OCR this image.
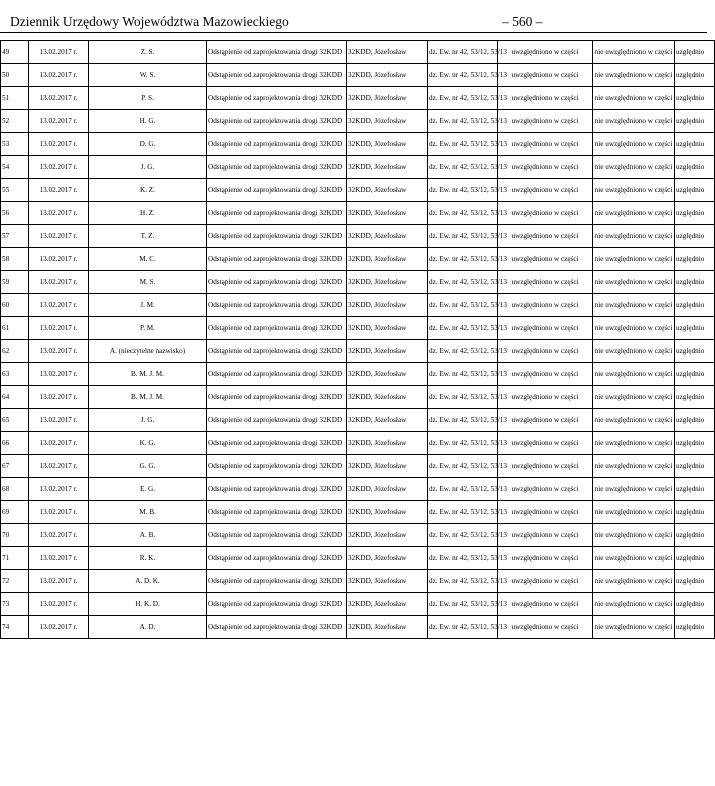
Dziennik Urzędowy Województwa Mazowieckiego	– 560 –
49	13.02.2017 r.	Z. S.	Odstąpienie od zaprojektowania drogi 32KDD	32KDD, Józefosław	dz. Ew. nr 42, 53/12, 53/13	uwzględniono w części	nie uwzględniono w części	uzględnio
50	13.02.2017 r.	W. S.	Odstąpienie od zaprojektowania drogi 32KDD	32KDD, Józefosław	dz. Ew. nr 42, 53/12, 53/13	uwzględniono w części	nie uwzględniono w części	uzględnio
51	13.02.2017 r.	P. S.	Odstąpienie od zaprojektowania drogi 32KDD	32KDD, Józefosław	dz. Ew. nr 42, 53/12, 53/13	uwzględniono w części	nie uwzględniono w części	uzględnio
52	13.02.2017 r.	H. G.	Odstąpienie od zaprojektowania drogi 32KDD	32KDD, Józefosław	dz. Ew. nr 42, 53/12, 53/13	uwzględniono w części	nie uwzględniono w części	uzględnio
53	13.02.2017 r.	D. G.	Odstąpienie od zaprojektowania drogi 32KDD	32KDD, Józefosław	dz. Ew. nr 42, 53/12, 53/13	uwzględniono w części	nie uwzględniono w części	uzględnio
54	13.02.2017 r.	J. G.	Odstąpienie od zaprojektowania drogi 32KDD	32KDD, Józefosław	dz. Ew. nr 42, 53/12, 53/13	uwzględniono w części	nie uwzględniono w części	uzględnio
55	13.02.2017 r.	K. Z.	Odstąpienie od zaprojektowania drogi 32KDD	32KDD, Józefosław	dz. Ew. nr 42, 53/12, 53/13	uwzględniono w części	nie uwzględniono w części	uzględnio
56	13.02.2017 r.	H. Z.	Odstąpienie od zaprojektowania drogi 32KDD	32KDD, Józefosław	dz. Ew. nr 42, 53/12, 53/13	uwzględniono w części	nie uwzględniono w części	uzględnio
57	13.02.2017 r.	T. Z.	Odstąpienie od zaprojektowania drogi 32KDD	32KDD, Józefosław	dz. Ew. nr 42, 53/12, 53/13	uwzględniono w części	nie uwzględniono w części	uzględnio
58	13.02.2017 r.	M. C.	Odstąpienie od zaprojektowania drogi 32KDD	32KDD, Józefosław	dz. Ew. nr 42, 53/12, 53/13	uwzględniono w części	nie uwzględniono w części	uzględnio
59	13.02.2017 r.	M. S.	Odstąpienie od zaprojektowania drogi 32KDD	32KDD, Józefosław	dz. Ew. nr 42, 53/12, 53/13	uwzględniono w części	nie uwzględniono w części	uzględnio
60	13.02.2017 r.	J. M.	Odstąpienie od zaprojektowania drogi 32KDD	32KDD, Józefosław	dz. Ew. nr 42, 53/12, 53/13	uwzględniono w części	nie uwzględniono w części	uzględnio
61	13.02.2017 r.	P. M.	Odstąpienie od zaprojektowania drogi 32KDD	32KDD, Józefosław	dz. Ew. nr 42, 53/12, 53/13	uwzględniono w części	nie uwzględniono w części	uzględnio
62	13.02.2017 r.	A. (nieczytelne nazwisko)	Odstąpienie od zaprojektowania drogi 32KDD	32KDD, Józefosław	dz. Ew. nr 42, 53/12, 53/13	uwzględniono w części	nie uwzględniono w części	uzględnio
63	13.02.2017 r.	B. M. J. M.	Odstąpienie od zaprojektowania drogi 32KDD	32KDD, Józefosław	dz. Ew. nr 42, 53/12, 53/13	uwzględniono w części	nie uwzględniono w części	uzględnio
64	13.02.2017 r.	B. M. J. M.	Odstąpienie od zaprojektowania drogi 32KDD	32KDD, Józefosław	dz. Ew. nr 42, 53/12, 53/13	uwzględniono w części	nie uwzględniono w części	uzględnio
65	13.02.2017 r.	J. G.	Odstąpienie od zaprojektowania drogi 32KDD	32KDD, Józefosław	dz. Ew. nr 42, 53/12, 53/13	uwzględniono w części	nie uwzględniono w części	uzględnio
66	13.02.2017 r.	K. G.	Odstąpienie od zaprojektowania drogi 32KDD	32KDD, Józefosław	dz. Ew. nr 42, 53/12, 53/13	uwzględniono w części	nie uwzględniono w części	uzględnio
67	13.02.2017 r.	G. G.	Odstąpienie od zaprojektowania drogi 32KDD	32KDD, Józefosław	dz. Ew. nr 42, 53/12, 53/13	uwzględniono w części	nie uwzględniono w części	uzględnio
68	13.02.2017 r.	E. G.	Odstąpienie od zaprojektowania drogi 32KDD	32KDD, Józefosław	dz. Ew. nr 42, 53/12, 53/13	uwzględniono w części	nie uwzględniono w części	uzględnio
69	13.02.2017 r.	M. B.	Odstąpienie od zaprojektowania drogi 32KDD	32KDD, Józefosław	dz. Ew. nr 42, 53/12, 53/13	uwzględniono w części	nie uwzględniono w części	uzględnio
70	13.02.2017 r.	A. B.	Odstąpienie od zaprojektowania drogi 32KDD	32KDD, Józefosław	dz. Ew. nr 42, 53/12, 53/13	uwzględniono w części	nie uwzględniono w części	uzględnio
71	13.02.2017 r.	R. K.	Odstąpienie od zaprojektowania drogi 32KDD	32KDD, Józefosław	dz. Ew. nr 42, 53/12, 53/13	uwzględniono w części	nie uwzględniono w części	uzględnio
72	13.02.2017 r.	A. D. K.	Odstąpienie od zaprojektowania drogi 32KDD	32KDD, Józefosław	dz. Ew. nr 42, 53/12, 53/13	uwzględniono w części	nie uwzględniono w części	uzględnio
73	13.02.2017 r.	H. K. D.	Odstąpienie od zaprojektowania drogi 32KDD	32KDD, Józefosław	dz. Ew. nr 42, 53/12, 53/13	uwzględniono w części	nie uwzględniono w części	uzględnio
74	13.02.2017 r.	A. D.	Odstąpienie od zaprojektowania drogi 32KDD	32KDD, Józefosław	dz. Ew. nr 42, 53/12, 53/13	uwzględniono w części	nie uwzględniono w części	uzględnio
